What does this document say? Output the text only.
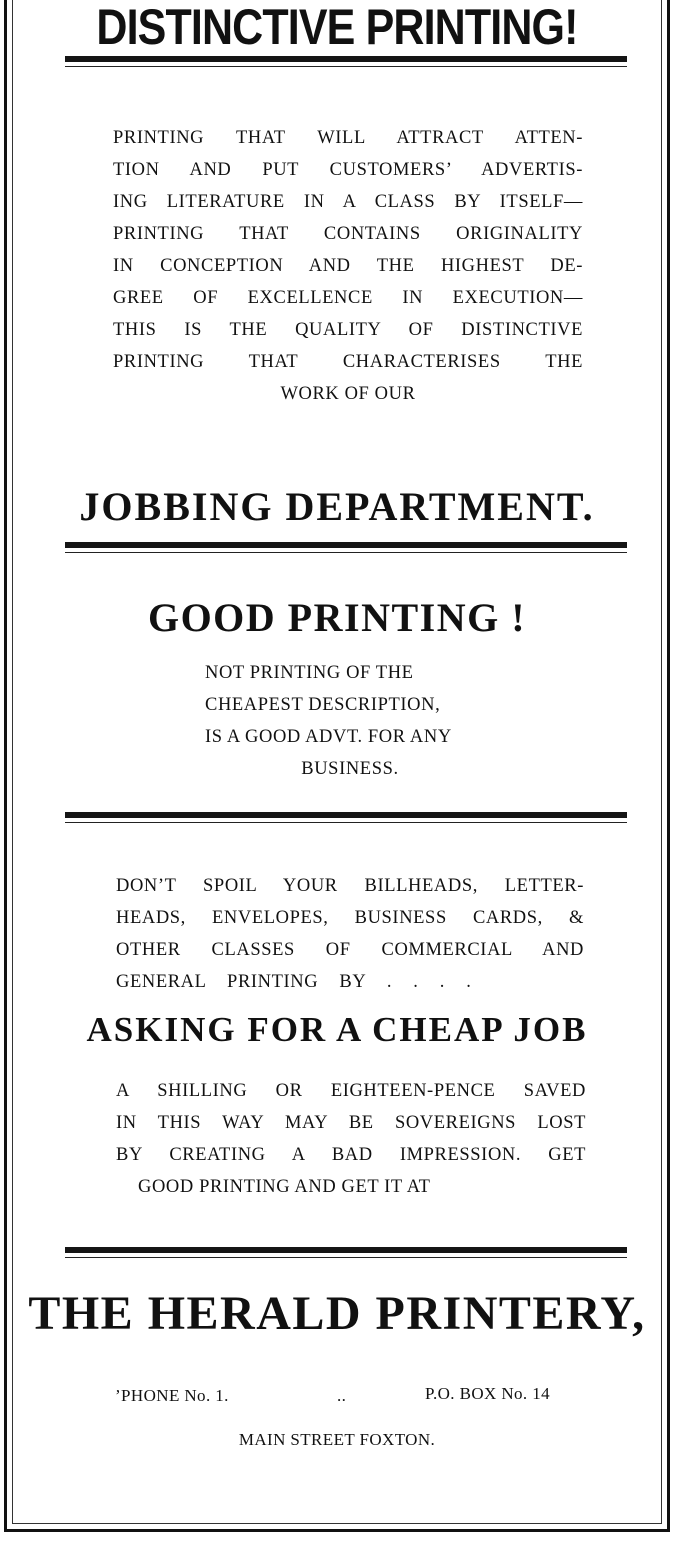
DISTINCTIVE PRINTING!
PRINTING THAT WILL ATTRACT ATTEN-
TION AND PUT CUSTOMERS’ ADVERTIS-
ING LITERATURE IN A CLASS BY ITSELF—
PRINTING THAT CONTAINS ORIGINALITY
IN CONCEPTION AND THE HIGHEST DE-
GREE OF EXCELLENCE IN EXECUTION—
THIS IS THE QUALITY OF DISTINCTIVE
PRINTING THAT CHARACTERISES THE
WORK OF OUR
JOBBING DEPARTMENT.
GOOD PRINTING !
NOT PRINTING OF THE
CHEAPEST DESCRIPTION,
IS A GOOD ADVT. FOR ANY
BUSINESS.
DON’T SPOIL YOUR BILLHEADS, LETTER-
HEADS, ENVELOPES, BUSINESS CARDS, &
OTHER CLASSES OF COMMERCIAL AND
GENERAL PRINTING BY . . . .
ASKING FOR A CHEAP JOB
A SHILLING OR EIGHTEEN-PENCE SAVED
IN THIS WAY MAY BE SOVEREIGNS LOST
BY CREATING A BAD IMPRESSION. GET
GOOD PRINTING AND GET IT AT
THE HERALD PRINTERY,
’PHONE No. 1.	..	P.O. BOX No. 14

MAIN STREET FOXTON.
